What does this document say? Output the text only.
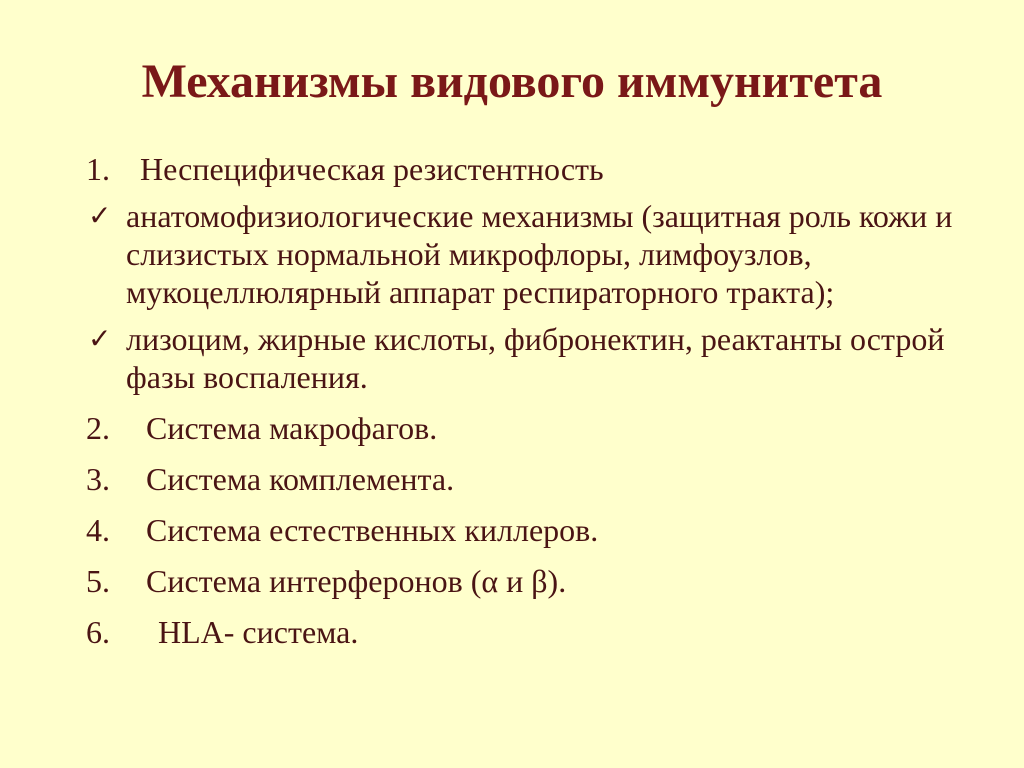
Механизмы видового иммунитета
1. Неспецифическая резистентность
✓ анатомофизиологические механизмы (защитная роль кожи и слизистых нормальной микрофлоры, лимфоузлов, мукоцеллюлярный аппарат респираторного тракта);
✓ лизоцим, жирные кислоты, фибронектин, реактанты острой фазы воспаления.
2. Система макрофагов.
3. Система комплемента.
4. Система естественных киллеров.
5. Система интерферонов (α и β).
6. HLA- система.
